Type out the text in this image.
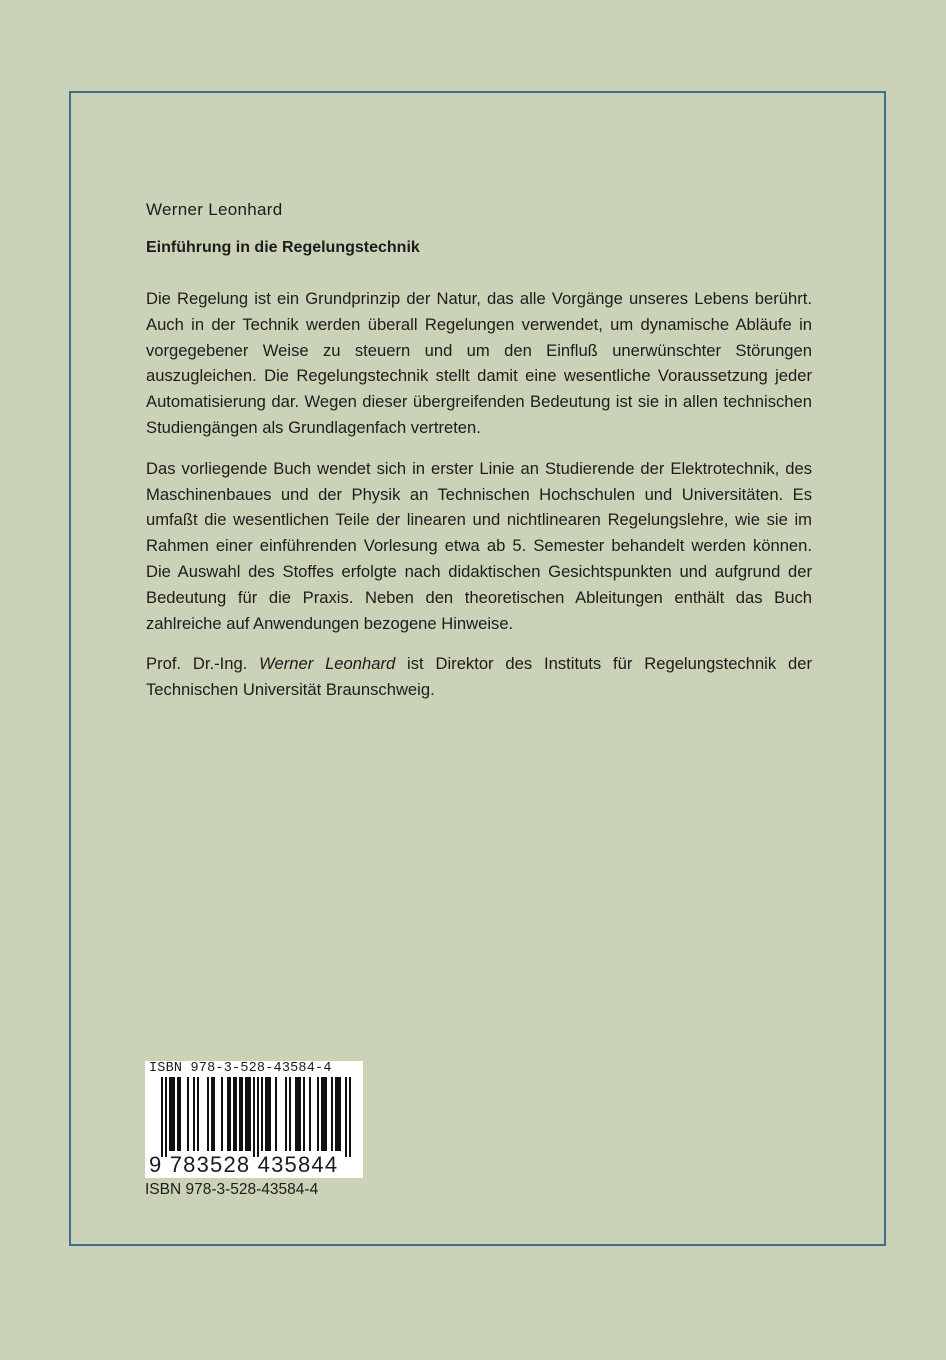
Werner Leonhard

Einführung in die Regelungstechnik

Die Regelung ist ein Grundprinzip der Natur, das alle Vorgänge unseres Lebens berührt. Auch in der Technik werden überall Regelungen verwendet, um dynamische Abläufe in vorgegebener Weise zu steuern und um den Einfluß unerwünschter Störungen auszugleichen. Die Regelungstechnik stellt damit eine wesentliche Voraussetzung jeder Automatisierung dar. Wegen dieser übergreifenden Bedeutung ist sie in allen technischen Studiengängen als Grundlagenfach vertreten.

Das vorliegende Buch wendet sich in erster Linie an Studierende der Elektrotechnik, des Maschinenbaues und der Physik an Technischen Hochschulen und Universitäten. Es umfaßt die wesentlichen Teile der linearen und nichtlinearen Regelungslehre, wie sie im Rahmen einer einführenden Vorlesung etwa ab 5. Semester behandelt werden können. Die Auswahl des Stoffes erfolgte nach didaktischen Gesichtspunkten und aufgrund der Bedeutung für die Praxis. Neben den theoretischen Ableitungen enthält das Buch zahlreiche auf Anwendungen bezogene Hinweise.

Prof. Dr.-Ing. Werner Leonhard ist Direktor des Instituts für Regelungstechnik der Technischen Universität Braunschweig.

ISBN 978-3-528-43584-4
9 783528 435844
ISBN 978-3-528-43584-4
